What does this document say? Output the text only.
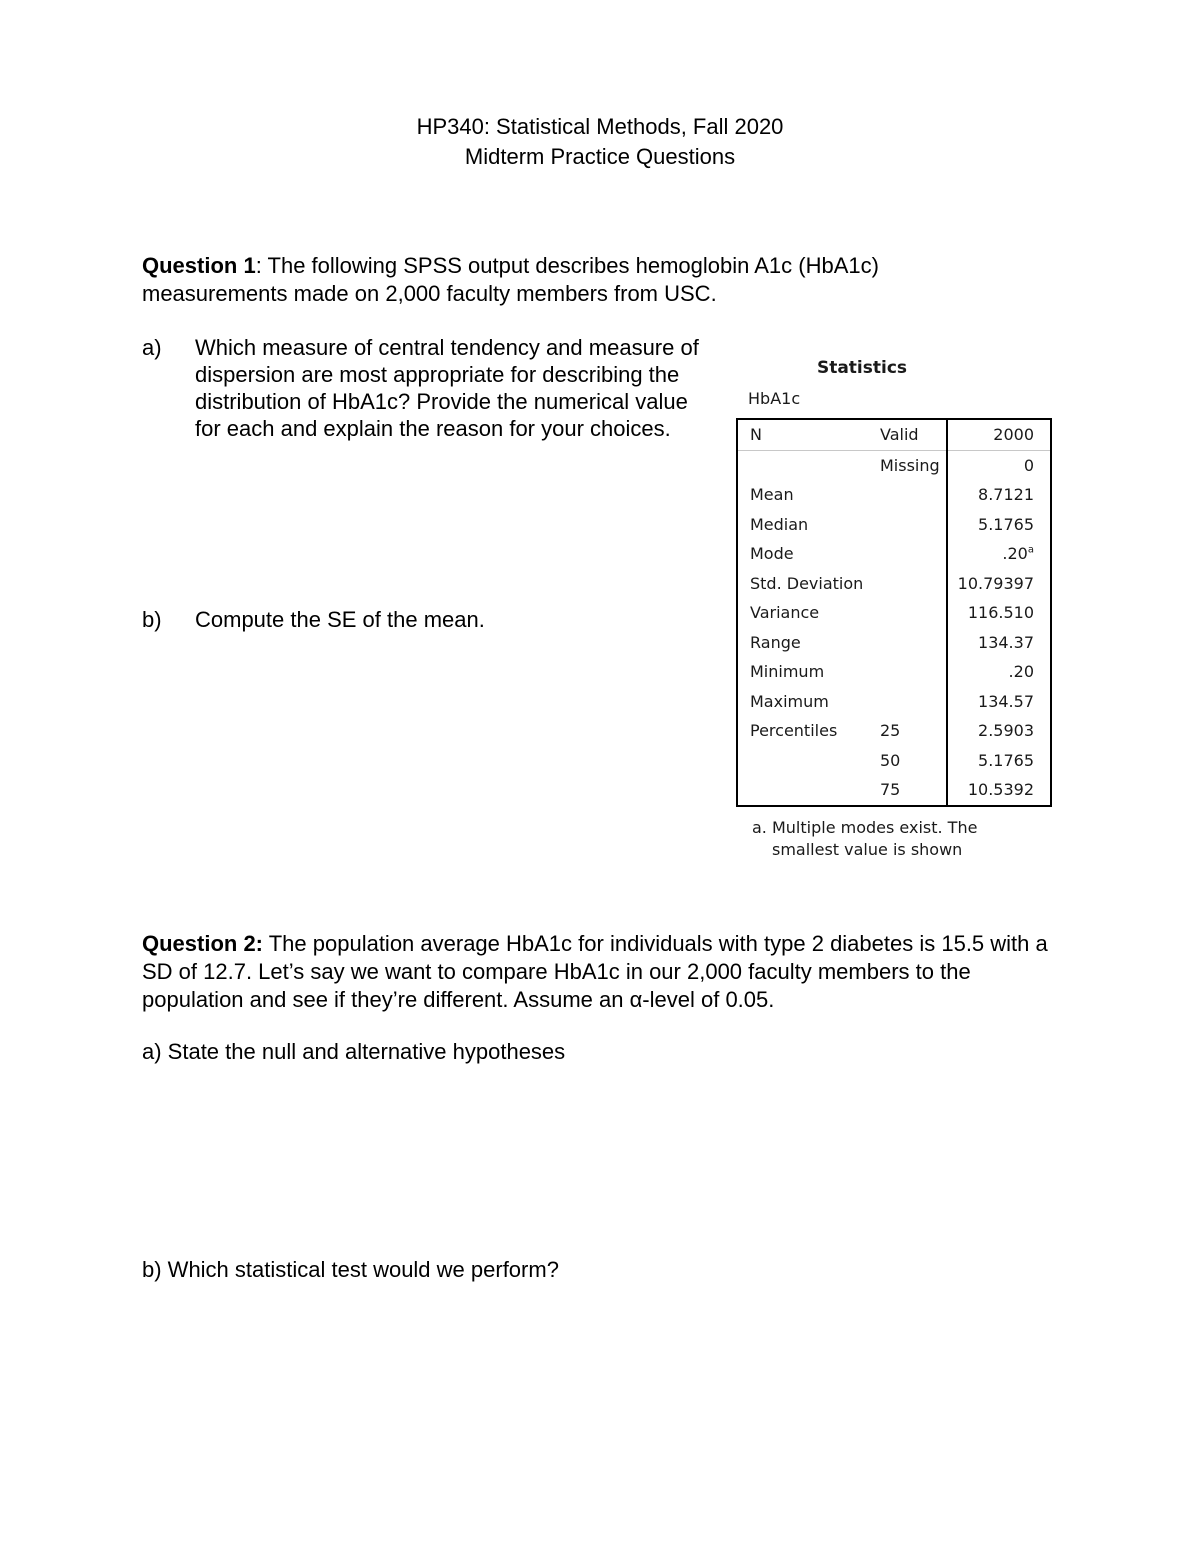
HP340: Statistical Methods, Fall 2020
Midterm Practice Questions

Question 1: The following SPSS output describes hemoglobin A1c (HbA1c) measurements made on 2,000 faculty members from USC.

a) Which measure of central tendency and measure of dispersion are most appropriate for describing the distribution of HbA1c? Provide the numerical value for each and explain the reason for your choices.

b) Compute the SE of the mean.

Statistics
HbA1c
N	Valid	2000
	Missing	0
Mean		8.7121
Median		5.1765
Mode		.20$^a$
Std. Deviation		10.79397
Variance		116.510
Range		134.37
Minimum		.20
Maximum		134.57
Percentiles	25	2.5903
	50	5.1765
	75	10.5392
a. Multiple modes exist. The
smallest value is shown

Question 2: The population average HbA1c for individuals with type 2 diabetes is 15.5 with a SD of 12.7. Let’s say we want to compare HbA1c in our 2,000 faculty members to the population and see if they’re different. Assume an α-level of 0.05.

a) State the null and alternative hypotheses

b) Which statistical test would we perform?
